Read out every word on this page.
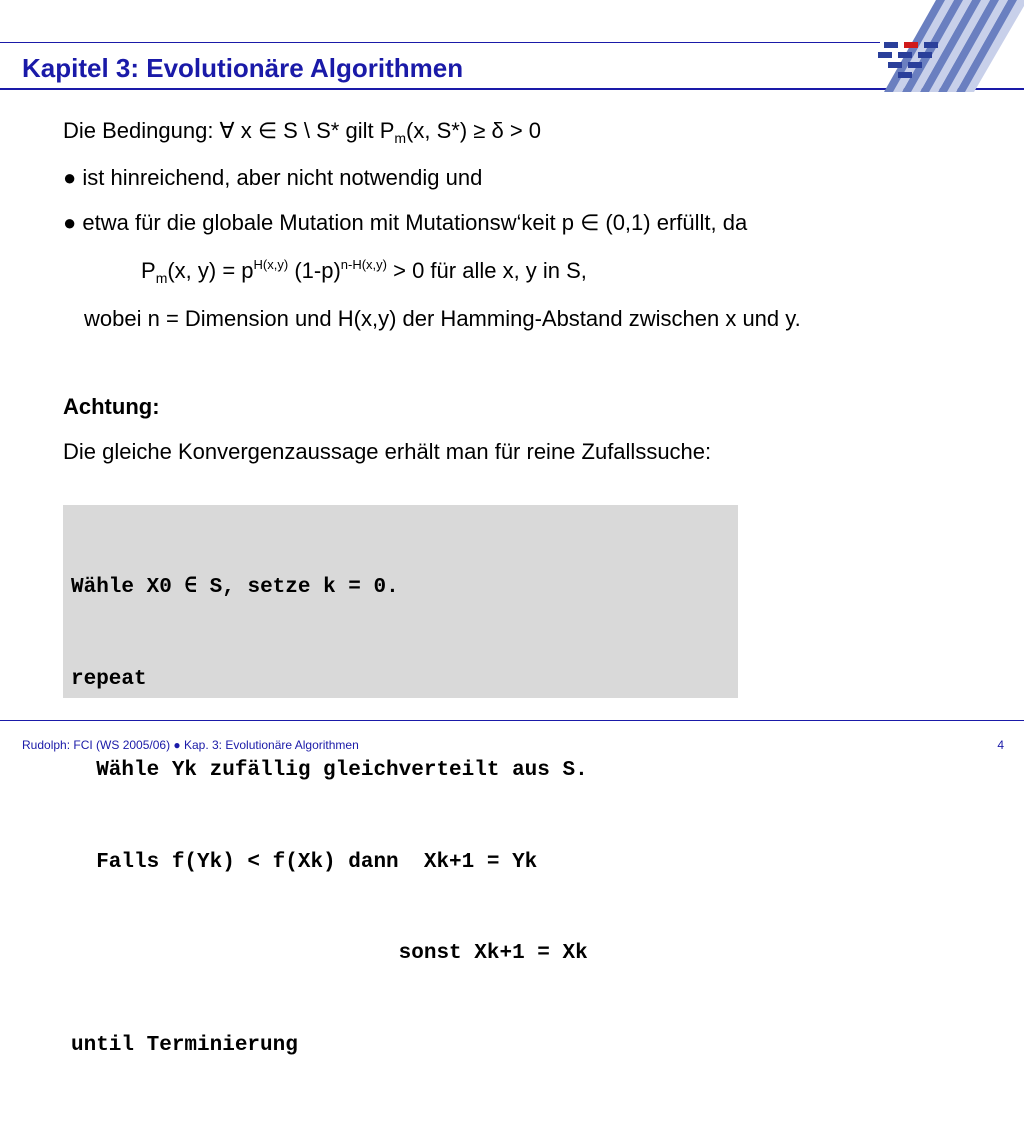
Kapitel 3: Evolutionäre Algorithmen
Die Bedingung: ∀ x ∈ S \ S* gilt $P_m(x$, S*) ≥ δ > 0
● ist hinreichend, aber nicht notwendig und
● etwa für die globale Mutation mit Mutationsw‘keit p ∈ (0,1) erfüllt, da
$P_m(x$, $y) = p^{H(x,y)}$ $(1-p)^{n-H(x,y)} > 0$ für alle x, y in S,
wobei n = Dimension und H(x,y) der Hamming-Abstand zwischen x und y.
Achtung:
Die gleiche Konvergenzaussage erhält man für reine Zufallssuche:

Wähle X0 ∈ S, setze k = 0.

repeat

Wähle Yk zufällig gleichverteilt aus S.

Falls f(Yk) < f(Xk) dann  Xk+1 = Yk

sonst Xk+1 = Xk

until Terminierung

Rudolph: FCI (WS 2005/06) ● Kap. 3: Evolutionäre Algorithmen	4
